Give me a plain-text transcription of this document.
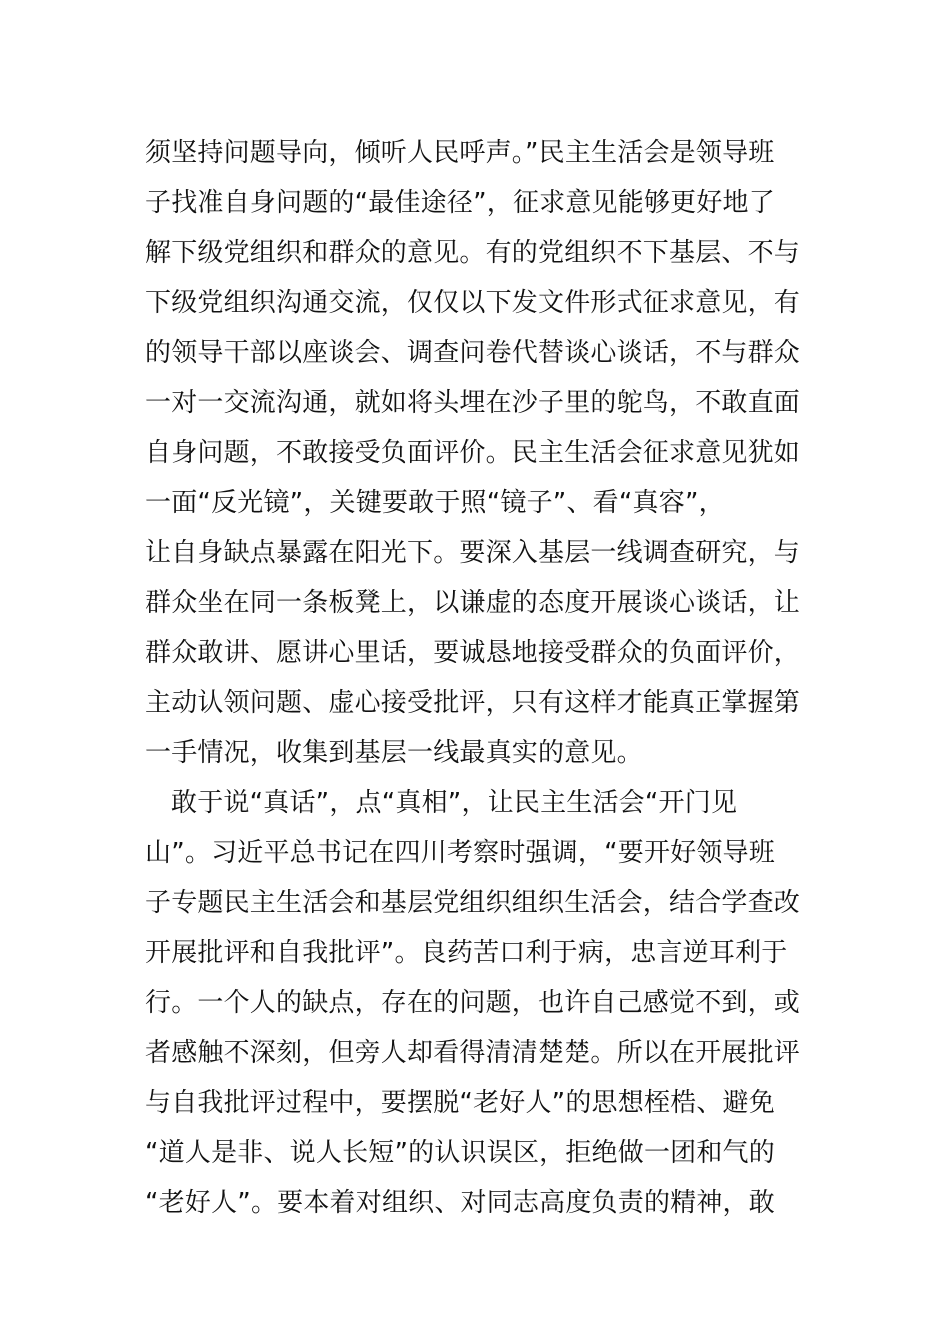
须坚持问题导向，倾听人民呼声。”民主生活会是领导班
子找准自身问题的“最佳途径”，征求意见能够更好地了
解下级党组织和群众的意见。有的党组织不下基层、不与
下级党组织沟通交流，仅仅以下发文件形式征求意见，有
的领导干部以座谈会、调查问卷代替谈心谈话，不与群众
一对一交流沟通，就如将头埋在沙子里的鸵鸟，不敢直面
自身问题，不敢接受负面评价。民主生活会征求意见犹如
一面“反光镜”，关键要敢于照“镜子”、看“真容”，
让自身缺点暴露在阳光下。要深入基层一线调查研究，与
群众坐在同一条板凳上，以谦虚的态度开展谈心谈话，让
群众敢讲、愿讲心里话，要诚恳地接受群众的负面评价，
主动认领问题、虚心接受批评，只有这样才能真正掌握第
一手情况，收集到基层一线最真实的意见。
敢于说“真话”，点“真相”，让民主生活会“开门见
山”。习近平总书记在四川考察时强调，“要开好领导班
子专题民主生活会和基层党组织组织生活会，结合学查改
开展批评和自我批评”。良药苦口利于病，忠言逆耳利于
行。一个人的缺点，存在的问题，也许自己感觉不到，或
者感触不深刻，但旁人却看得清清楚楚。所以在开展批评
与自我批评过程中，要摆脱“老好人”的思想桎梏、避免
“道人是非、说人长短”的认识误区，拒绝做一团和气的
“老好人”。要本着对组织、对同志高度负责的精神，敢
